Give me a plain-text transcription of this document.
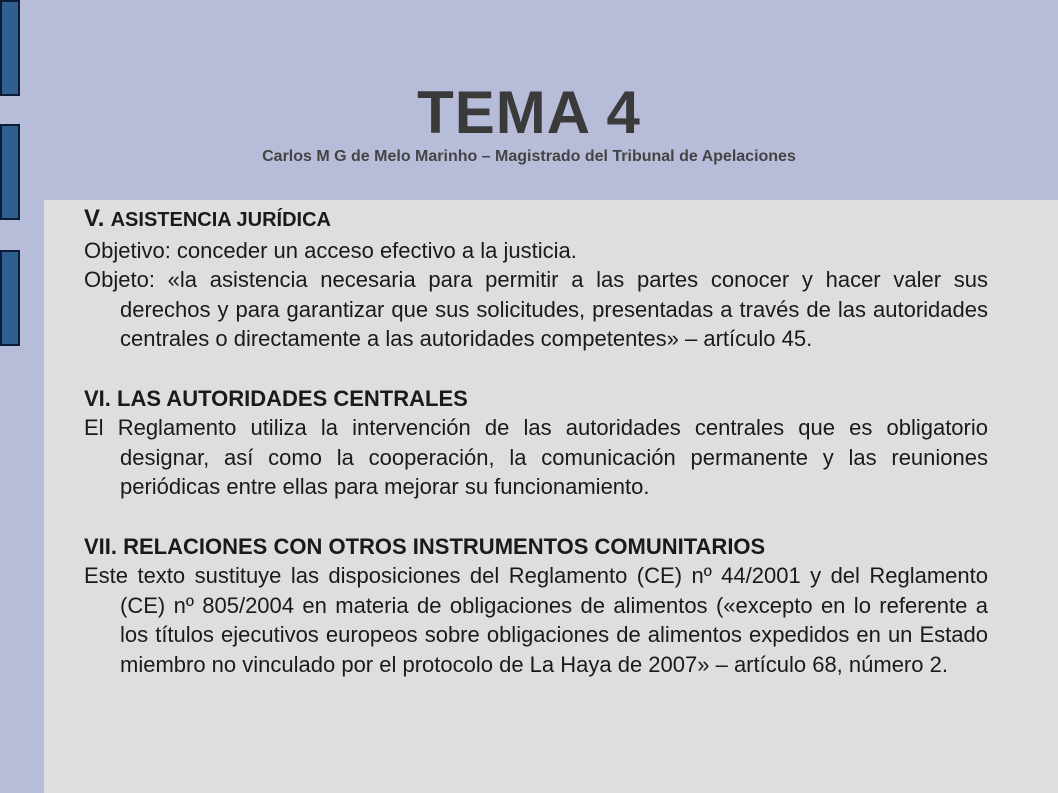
TEMA 4
Carlos M G de Melo Marinho – Magistrado del Tribunal de Apelaciones

V. ASISTENCIA JURÍDICA

Objetivo: conceder un acceso efectivo a la justicia.

Objeto: «la asistencia necesaria para permitir a las partes conocer y hacer valer sus derechos y para garantizar que sus solicitudes, presentadas a través de las autoridades centrales o directamente a las autoridades competentes» – artículo 45.

VI. LAS AUTORIDADES CENTRALES

El Reglamento utiliza la intervención de las autoridades centrales que es obligatorio designar, así como la cooperación, la comunicación permanente y las reuniones periódicas entre ellas para mejorar su funcionamiento.

VII. RELACIONES CON OTROS INSTRUMENTOS COMUNITARIOS

Este texto sustituye las disposiciones del Reglamento (CE) nº 44/2001 y del Reglamento (CE) nº 805/2004 en materia de obligaciones de alimentos («excepto en lo referente a los títulos ejecutivos europeos sobre obligaciones de alimentos expedidos en un Estado miembro no vinculado por el protocolo de La Haya de 2007» – artículo 68, número 2.
